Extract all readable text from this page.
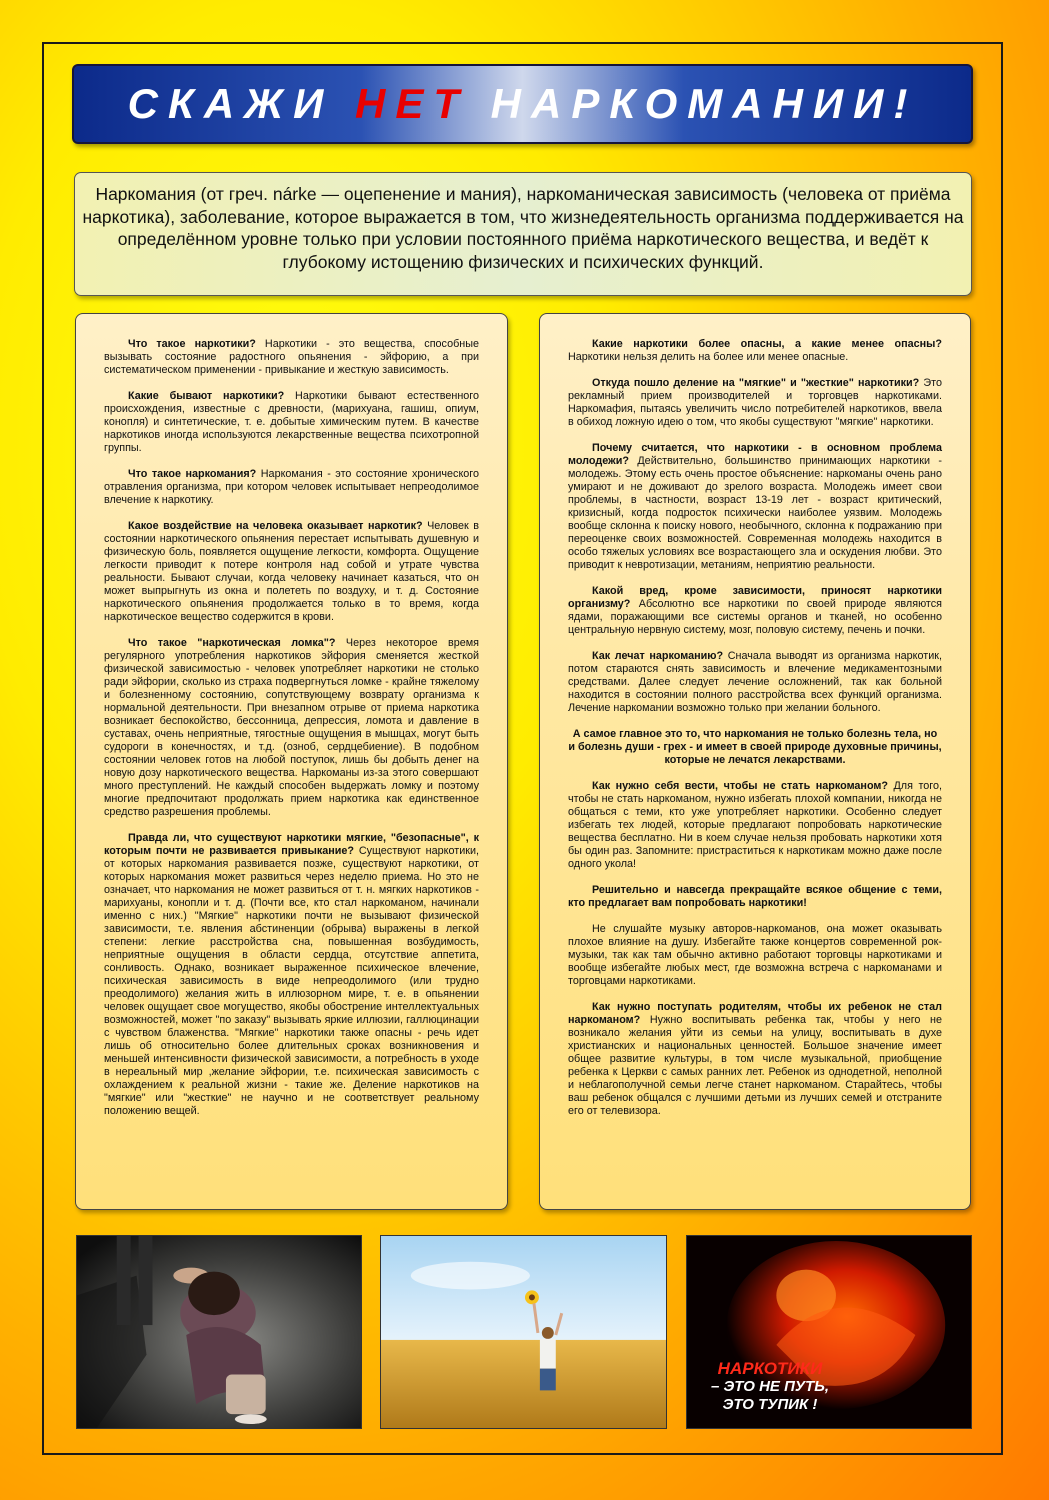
СКАЖИ НЕТ НАРКОМАНИИ!
Наркомания (от греч. nárke — оцепенение и мания), наркоманическая зависимость (человека от приёма наркотика), заболевание, которое выражается в том, что жизнедеятельность организма поддерживается на определённом уровне только при условии постоянного приёма наркотического вещества, и ведёт к глубокому истощению физических и психических функций.

Что такое наркотики? Наркотики - это вещества, способные вызывать состояние радостного опьянения - эйфорию, а при систематическом применении - привыкание и жесткую зависимость.

Какие бывают наркотики? Наркотики бывают естественного происхождения, известные с древности, (марихуана, гашиш, опиум, конопля) и синтетические, т. е. добытые химическим путем. В качестве наркотиков иногда используются лекарственные вещества психотропной группы.

Что такое наркомания? Наркомания - это состояние хронического отравления организма, при котором человек испытывает непреодолимое влечение к наркотику.

Какое воздействие на человека оказывает наркотик? Человек в состоянии наркотического опьянения перестает испытывать душевную и физическую боль, появляется ощущение легкости, комфорта. Ощущение легкости приводит к потере контроля над собой и утрате чувства реальности. Бывают случаи, когда человеку начинает казаться, что он может выпрыгнуть из окна и полететь по воздуху, и т. д. Состояние наркотического опьянения продолжается только в то время, когда наркотическое вещество содержится в крови.

Что такое "наркотическая ломка"? Через некоторое время регулярного употребления наркотиков эйфория сменяется жесткой физической зависимостью - человек употребляет наркотики не столько ради эйфории, сколько из страха подвергнуться ломке - крайне тяжелому и болезненному состоянию, сопутствующему возврату организма к нормальной деятельности. При внезапном отрыве от приема наркотика возникает беспокойство, бессонница, депрессия, ломота и давление в суставах, очень неприятные, тягостные ощущения в мышцах, могут быть судороги в конечностях, и т.д. (озноб, сердцебиение). В подобном состоянии человек готов на любой поступок, лишь бы добыть денег на новую дозу наркотического вещества. Наркоманы из-за этого совершают много преступлений. Не каждый способен выдержать ломку и поэтому многие предпочитают продолжать прием наркотика как единственное средство разрешения проблемы.

Правда ли, что существуют наркотики мягкие, "безопасные", к которым почти не развивается привыкание? Существуют наркотики, от которых наркомания развивается позже, существуют наркотики, от которых наркомания может развиться через неделю приема. Но это не означает, что наркомания не может развиться от т. н. мягких наркотиков - марихуаны, конопли и т. д. (Почти все, кто стал наркоманом, начинали именно с них.) "Мягкие" наркотики почти не вызывают физической зависимости, т.е. явления абстиненции (обрыва) выражены в легкой степени: легкие расстройства сна, повышенная возбудимость, неприятные ощущения в области сердца, отсутствие аппетита, сонливость. Однако, возникает выраженное психическое влечение, психическая зависимость в виде непреодолимого (или трудно преодолимого) желания жить в иллюзорном мире, т. е. в опьянении человек ощущает свое могущество, якобы обострение интеллектуальных возможностей, может "по заказу" вызывать яркие иллюзии, галлюцинации с чувством блаженства. "Мягкие" наркотики также опасны - речь идет лишь об относительно более длительных сроках возникновения и меньшей интенсивности физической зависимости, а потребность в уходе в нереальный мир ,желание эйфории, т.е. психическая зависимость с охлаждением к реальной жизни - такие же. Деление наркотиков на "мягкие" или "жесткие" не научно и не соответствует реальному положению вещей.

Какие наркотики более опасны, а какие менее опасны? Наркотики нельзя делить на более или менее опасные.

Откуда пошло деление на "мягкие" и "жесткие" наркотики? Это рекламный прием производителей и торговцев наркотиками. Наркомафия, пытаясь увеличить число потребителей наркотиков, ввела в обиход ложную идею о том, что якобы существуют "мягкие" наркотики.

Почему считается, что наркотики - в основном проблема молодежи? Действительно, большинство принимающих наркотики - молодежь. Этому есть очень простое объяснение: наркоманы очень рано умирают и не доживают до зрелого возраста. Молодежь имеет свои проблемы, в частности, возраст 13-19 лет - возраст критический, кризисный, когда подросток психически наиболее уязвим. Молодежь вообще склонна к поиску нового, необычного, склонна к подражанию при переоценке своих возможностей. Современная молодежь находится в особо тяжелых условиях все возрастающего зла и оскудения любви. Это приводит к невротизации, метаниям, неприятию реальности.

Какой вред, кроме зависимости, приносят наркотики организму? Абсолютно все наркотики по своей природе являются ядами, поражающими все системы органов и тканей, но особенно центральную нервную систему, мозг, половую систему, печень и почки.

Как лечат наркоманию? Сначала выводят из организма наркотик, потом стараются снять зависимость и влечение медикаментозными средствами. Далее следует лечение осложнений, так как больной находится в состоянии полного расстройства всех функций организма. Лечение наркомании возможно только при желании больного.

А самое главное это то, что наркомания не только болезнь тела, но и болезнь души - грех - и имеет в своей природе духовные причины, которые не лечатся лекарствами.

Как нужно себя вести, чтобы не стать наркоманом? Для того, чтобы не стать наркоманом, нужно избегать плохой компании, никогда не общаться с теми, кто уже употребляет наркотики. Особенно следует избегать тех людей, которые предлагают попробовать наркотические вещества бесплатно. Ни в коем случае нельзя пробовать наркотики хотя бы один раз. Запомните: пристраститься к наркотикам можно даже после одного укола!

Решительно и навсегда прекращайте всякое общение с теми, кто предлагает вам попробовать наркотики!

Не слушайте музыку авторов-наркоманов, она может оказывать плохое влияние на душу. Избегайте также концертов современной рок-музыки, так как там обычно активно работают торговцы наркотиками и вообще избегайте любых мест, где возможна встреча с наркоманами и торговцами наркотиками.

Как нужно поступать родителям, чтобы их ребенок не стал наркоманом? Нужно воспитывать ребенка так, чтобы у него не возникало желания уйти из семьи на улицу, воспитывать в духе христианских и национальных ценностей. Большое значение имеет общее развитие культуры, в том числе музыкальной, приобщение ребенка к Церкви с самых ранних лет. Ребенок из однодетной, неполной и неблагополучной семьи легче станет наркоманом. Старайтесь, чтобы ваш ребенок общался с лучшими детьми из лучших семей и отстраните его от телевизора.

НАРКОТИКИ
– ЭТО НЕ ПУТЬ,
ЭТО ТУПИК !
